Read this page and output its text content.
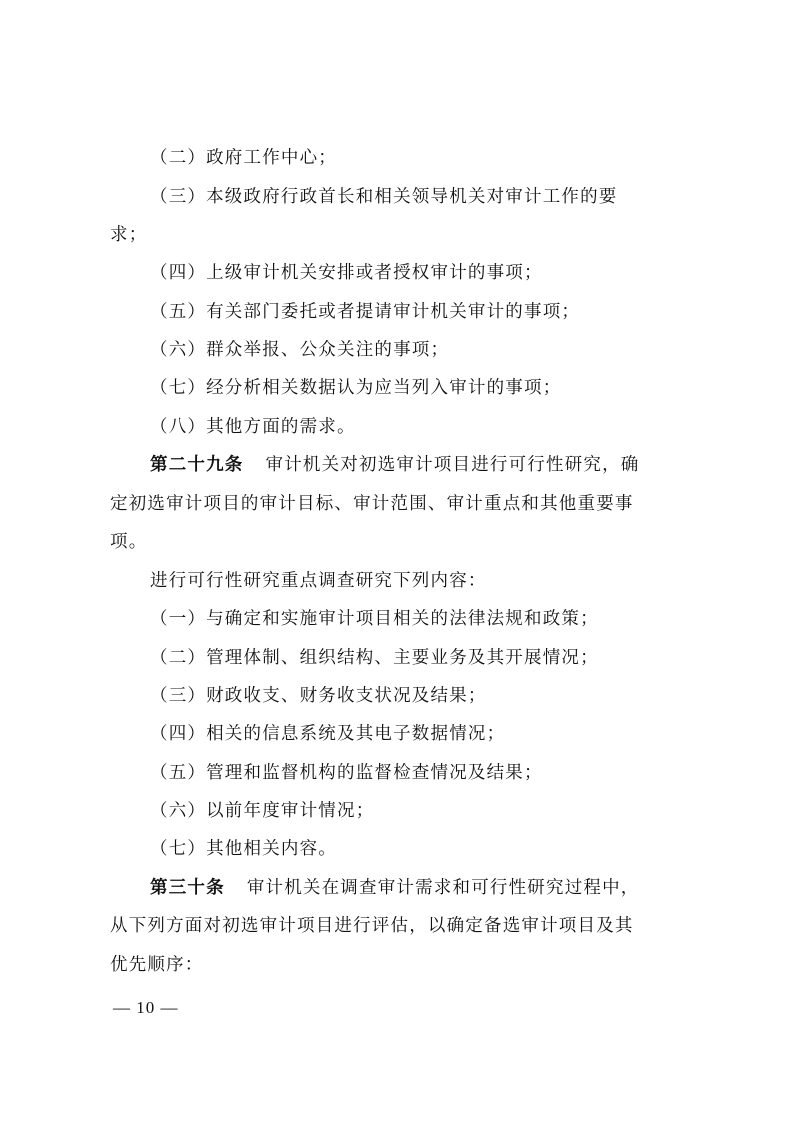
（二）政府工作中心；
（三）本级政府行政首长和相关领导机关对审计工作的要
求；
（四）上级审计机关安排或者授权审计的事项；
（五）有关部门委托或者提请审计机关审计的事项；
（六）群众举报、公众关注的事项；
（七）经分析相关数据认为应当列入审计的事项；
（八）其他方面的需求。
第二十九条 审计机关对初选审计项目进行可行性研究，确
定初选审计项目的审计目标、审计范围、审计重点和其他重要事
项。
进行可行性研究重点调查研究下列内容：
（一）与确定和实施审计项目相关的法律法规和政策；
（二）管理体制、组织结构、主要业务及其开展情况；
（三）财政收支、财务收支状况及结果；
（四）相关的信息系统及其电子数据情况；
（五）管理和监督机构的监督检查情况及结果；
（六）以前年度审计情况；
（七）其他相关内容。
第三十条 审计机关在调查审计需求和可行性研究过程中，
从下列方面对初选审计项目进行评估，以确定备选审计项目及其
优先顺序：
— 10 —
